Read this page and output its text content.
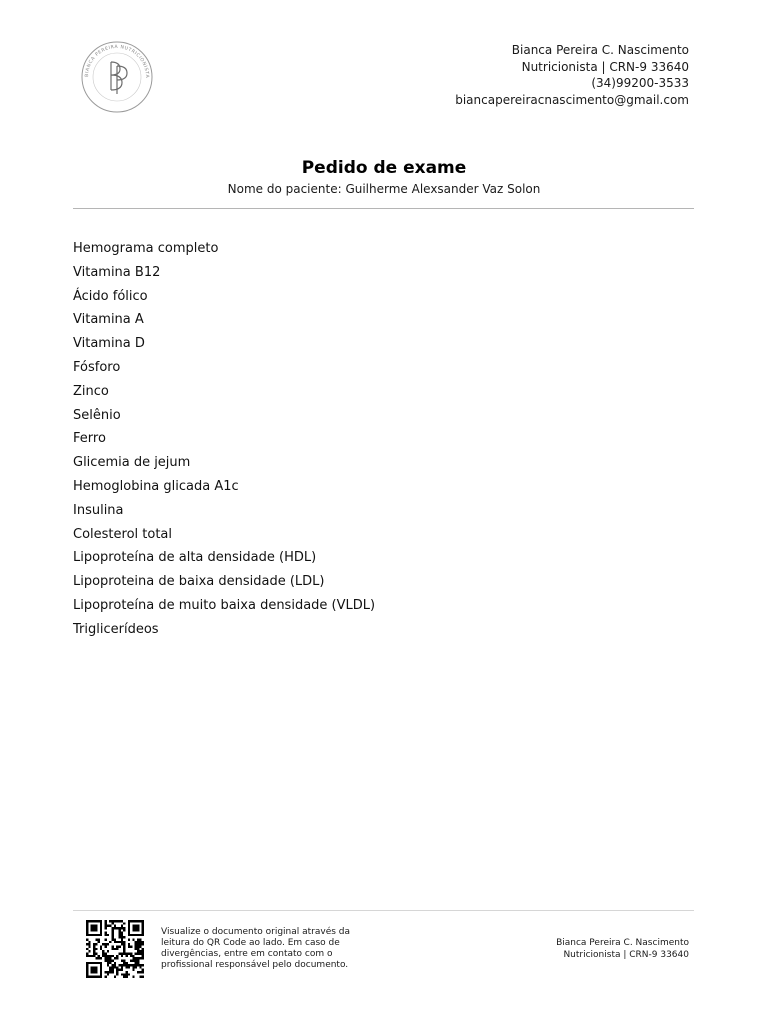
BIANCA PEREIRA NUTRICIONISTA
Bianca Pereira C. Nascimento
Nutricionista | CRN-9 33640
(34)99200-3533
biancapereiracnascimento@gmail.com
Pedido de exame
Nome do paciente: Guilherme Alexsander Vaz Solon
Hemograma completo
Vitamina B12
Ácido fólico
Vitamina A
Vitamina D
Fósforo
Zinco
Selênio
Ferro
Glicemia de jejum
Hemoglobina glicada A1c
Insulina
Colesterol total
Lipoproteína de alta densidade (HDL)
Lipoproteina de baixa densidade (LDL)
Lipoproteína de muito baixa densidade (VLDL)
Triglicerídeos
Visualize o documento original através da
leitura do QR Code ao lado. Em caso de
divergências, entre em contato com o
profissional responsável pelo documento.
Bianca Pereira C. Nascimento
Nutricionista | CRN-9 33640
